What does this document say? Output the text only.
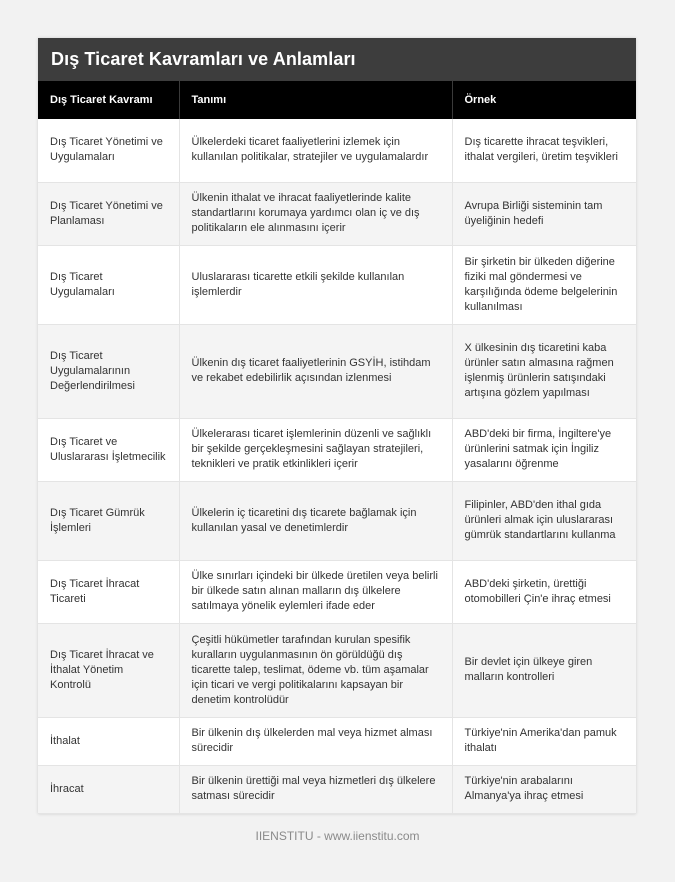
Dış Ticaret Kavramları ve Anlamları
Dış Ticaret Kavramı	Tanımı	Örnek
Dış Ticaret Yönetimi ve Uygulamaları	Ülkelerdeki ticaret faaliyetlerini izlemek için kullanılan politikalar, stratejiler ve uygulamalardır	Dış ticarette ihracat teşvikleri, ithalat vergileri, üretim teşvikleri
Dış Ticaret Yönetimi ve Planlaması	Ülkenin ithalat ve ihracat faaliyetlerinde kalite standartlarını korumaya yardımcı olan iç ve dış politikaların ele alınmasını içerir	Avrupa Birliği sisteminin tam üyeliğinin hedefi
Dış Ticaret Uygulamaları	Uluslararası ticarette etkili şekilde kullanılan işlemlerdir	Bir şirketin bir ülkeden diğerine fiziki mal göndermesi ve karşılığında ödeme belgelerinin kullanılması
Dış Ticaret Uygulamalarının Değerlendirilmesi	Ülkenin dış ticaret faaliyetlerinin GSYİH, istihdam ve rekabet edebilirlik açısından izlenmesi	X ülkesinin dış ticaretini kaba ürünler satın almasına rağmen işlenmiş ürünlerin satışındaki artışına gözlem yapılması
Dış Ticaret ve Uluslararası İşletmecilik	Ülkelerarası ticaret işlemlerinin düzenli ve sağlıklı bir şekilde gerçekleşmesini sağlayan stratejileri, teknikleri ve pratik etkinlikleri içerir	ABD'deki bir firma, İngiltere'ye ürünlerini satmak için İngiliz yasalarını öğrenme
Dış Ticaret Gümrük İşlemleri	Ülkelerin iç ticaretini dış ticarete bağlamak için kullanılan yasal ve denetimlerdir	Filipinler, ABD'den ithal gıda ürünleri almak için uluslararası gümrük standartlarını kullanma
Dış Ticaret İhracat Ticareti	Ülke sınırları içindeki bir ülkede üretilen veya belirli bir ülkede satın alınan malların dış ülkelere satılmaya yönelik eylemleri ifade eder	ABD'deki şirketin, ürettiği otomobilleri Çin'e ihraç etmesi
Dış Ticaret İhracat ve İthalat Yönetim Kontrolü	Çeşitli hükümetler tarafından kurulan spesifik kuralların uygulanmasının ön görüldüğü dış ticarette talep, teslimat, ödeme vb. tüm aşamalar için ticari ve vergi politikalarını kapsayan bir denetim kontrolüdür	Bir devlet için ülkeye giren malların kontrolleri
İthalat	Bir ülkenin dış ülkelerden mal veya hizmet alması sürecidir	Türkiye'nin Amerika'dan pamuk ithalatı
İhracat	Bir ülkenin ürettiği mal veya hizmetleri dış ülkelere satması sürecidir	Türkiye'nin arabalarını Almanya'ya ihraç etmesi
IIENSTITU - www.iienstitu.com
